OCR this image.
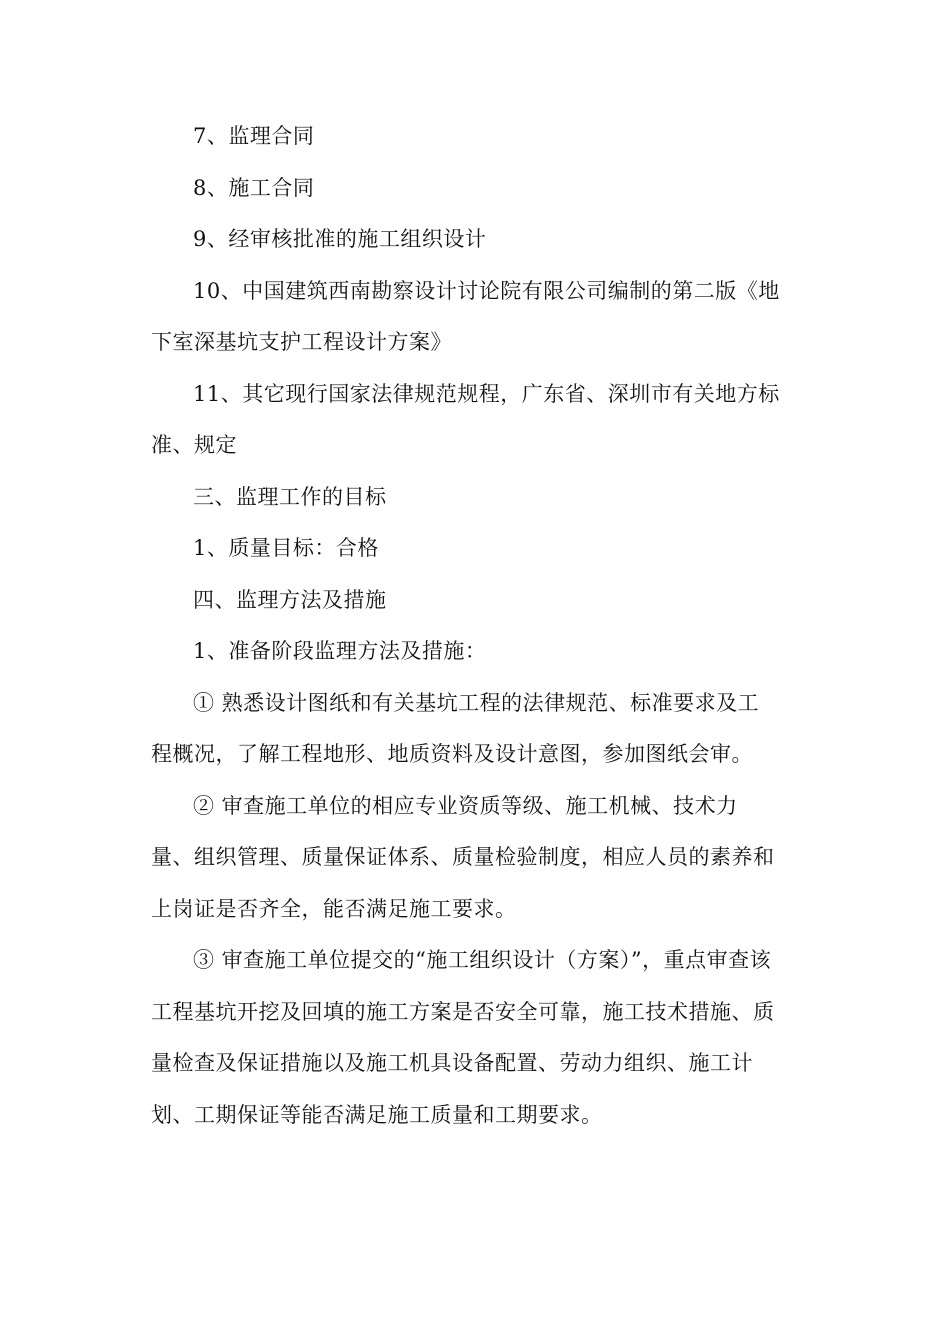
7、监理合同
8、施工合同
9、经审核批准的施工组织设计
10、中国建筑西南勘察设计讨论院有限公司编制的第二版《地
下室深基坑支护工程设计方案》
11、其它现行国家法律规范规程，广东省、深圳市有关地方标
准、规定
三、监理工作的目标
1、质量目标：合格
四、监理方法及措施
1、准备阶段监理方法及措施：
① 熟悉设计图纸和有关基坑工程的法律规范、标准要求及工
程概况，了解工程地形、地质资料及设计意图，参加图纸会审。
② 审查施工单位的相应专业资质等级、施工机械、技术力
量、组织管理、质量保证体系、质量检验制度，相应人员的素养和
上岗证是否齐全，能否满足施工要求。
③ 审查施工单位提交的“施工组织设计（方案）”，重点审查该
工程基坑开挖及回填的施工方案是否安全可靠，施工技术措施、质
量检查及保证措施以及施工机具设备配置、劳动力组织、施工计
划、工期保证等能否满足施工质量和工期要求。
